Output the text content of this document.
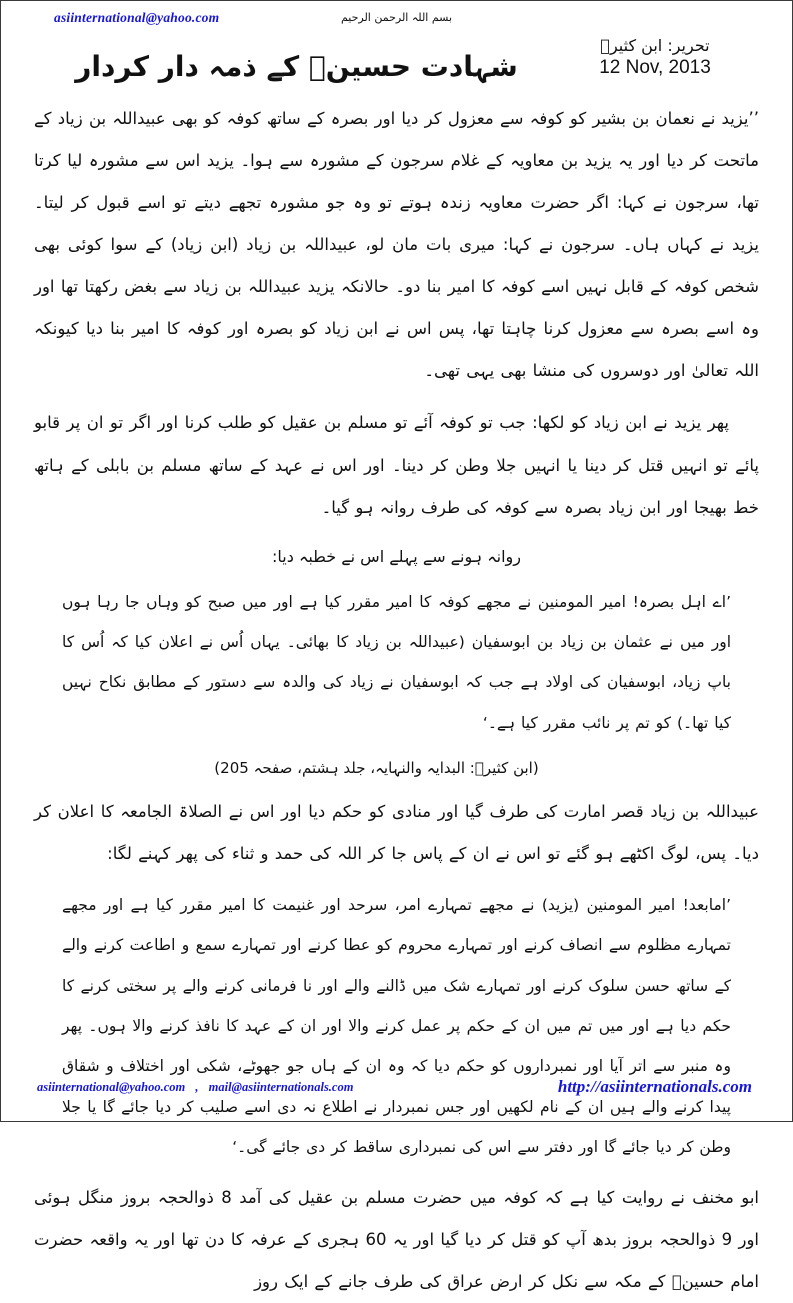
asiinternational@yahoo.com	بسم اللہ الرحمن الرحیم
تحریر: ابن کثیرؒ
12 Nov, 2013
شہادت حسینؑ کے ذمہ دار کردار

’’یزید نے نعمان بن بشیر کو کوفہ سے معزول کر دیا اور بصرہ کے ساتھ کوفہ کو بھی عبیداللہ بن زیاد کے ماتحت کر دیا اور یہ یزید بن معاویہ کے غلام سرجون کے مشورہ سے ہوا۔ یزید اس سے مشورہ لیا کرتا تھا، سرجون نے کہا: اگر حضرت معاویہ زندہ ہوتے تو وہ جو مشورہ تجھے دیتے تو اسے قبول کر لیتا۔ یزید نے کہاں ہاں۔ سرجون نے کہا: میری بات مان لو، عبیداللہ بن زیاد (ابن زیاد) کے سوا کوئی بھی شخص کوفہ کے قابل نہیں اسے کوفہ کا امیر بنا دو۔ حالانکہ یزید عبیداللہ بن زیاد سے بغض رکھتا تھا اور وہ اسے بصرہ سے معزول کرنا چاہتا تھا، پس اس نے ابن زیاد کو بصرہ اور کوفہ کا امیر بنا دیا کیونکہ اللہ تعالیٰ اور دوسروں کی منشا بھی یہی تھی۔

پھر یزید نے ابن زیاد کو لکھا: جب تو کوفہ آئے تو مسلم بن عقیل کو طلب کرنا اور اگر تو ان پر قابو پائے تو انہیں قتل کر دینا یا انہیں جلا وطن کر دینا۔ اور اس نے عہد کے ساتھ مسلم بن بابلی کے ہاتھ خط بھیجا اور ابن زیاد بصرہ سے کوفہ کی طرف روانہ ہو گیا۔

روانہ ہونے سے پہلے اس نے خطبہ دیا:

’اے اہل بصرہ! امیر المومنین نے مجھے کوفہ کا امیر مقرر کیا ہے اور میں صبح کو وہاں جا رہا ہوں اور میں نے عثمان بن زیاد بن ابوسفیان (عبیداللہ بن زیاد کا بھائی۔ یہاں اُس نے اعلان کیا کہ اُس کا باپ زیاد، ابوسفیان کی اولاد ہے جب کہ ابوسفیان نے زیاد کی والدہ سے دستور کے مطابق نکاح نہیں کیا تھا۔) کو تم پر نائب مقرر کیا ہے۔‘

(ابن کثیرؒ: البدایہ والنہایہ، جلد ہشتم، صفحہ 205)

عبیداللہ بن زیاد قصر امارت کی طرف گیا اور منادی کو حکم دیا اور اس نے الصلاۃ الجامعہ کا اعلان کر دیا۔ پس، لوگ اکٹھے ہو گئے تو اس نے ان کے پاس جا کر اللہ کی حمد و ثناء کی پھر کہنے لگا:

’امابعد! امیر المومنین (یزید) نے مجھے تمہارے امر، سرحد اور غنیمت کا امیر مقرر کیا ہے اور مجھے تمہارے مظلوم سے انصاف کرنے اور تمہارے محروم کو عطا کرنے اور تمہارے سمع و اطاعت کرنے والے کے ساتھ حسن سلوک کرنے اور تمہارے شک میں ڈالنے والے اور نا فرمانی کرنے والے پر سختی کرنے کا حکم دیا ہے اور میں تم میں ان کے حکم پر عمل کرنے والا اور ان کے عہد کا نافذ کرنے والا ہوں۔ پھر وہ منبر سے اتر آیا اور نمبرداروں کو حکم دیا کہ وہ ان کے ہاں جو جھوٹے، شکی اور اختلاف و شقاق پیدا کرنے والے ہیں ان کے نام لکھیں اور جس نمبردار نے اطلاع نہ دی اسے صلیب کر دیا جائے گا یا جلا وطن کر دیا جائے گا اور دفتر سے اس کی نمبرداری ساقط کر دی جائے گی۔‘

ابو مخنف نے روایت کیا ہے کہ کوفہ میں حضرت مسلم بن عقیل کی آمد 8 ذوالحجہ بروز منگل ہوئی اور 9 ذوالحجہ بروز بدھ آپ کو قتل کر دیا گیا اور یہ 60 ہجری کے عرفہ کا دن تھا اور یہ واقعہ حضرت امام حسینؑ کے مکہ سے نکل کر ارض عراق کی طرف جانے کے ایک روز

asiinternational@yahoo.com , mail@asiinternationals.com	http://asiinternationals.com
